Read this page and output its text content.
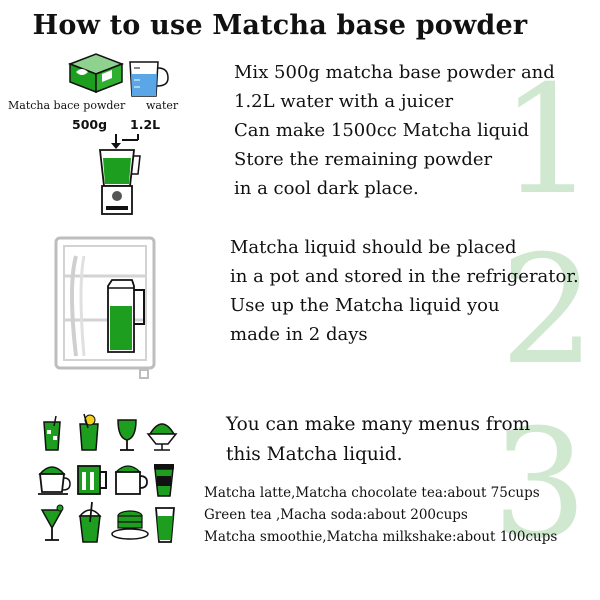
How to use Matcha base powder
1
2
3
Matcha bace powder water
500g 1.2L
Mix 500g matcha base powder and
1.2L water with a juicer
Can make 1500cc Matcha liquid
Store the remaining powder
in a cool dark place.
Matcha liquid should be placed
in a pot and stored in the refrigerator.
Use up the Matcha liquid you
made in 2 days
You can make many menus from
this Matcha liquid.
Matcha latte,Matcha chocolate tea:about 75cups
Green tea ,Macha soda:about 200cups
Matcha smoothie,Matcha milkshake:about 100cups
